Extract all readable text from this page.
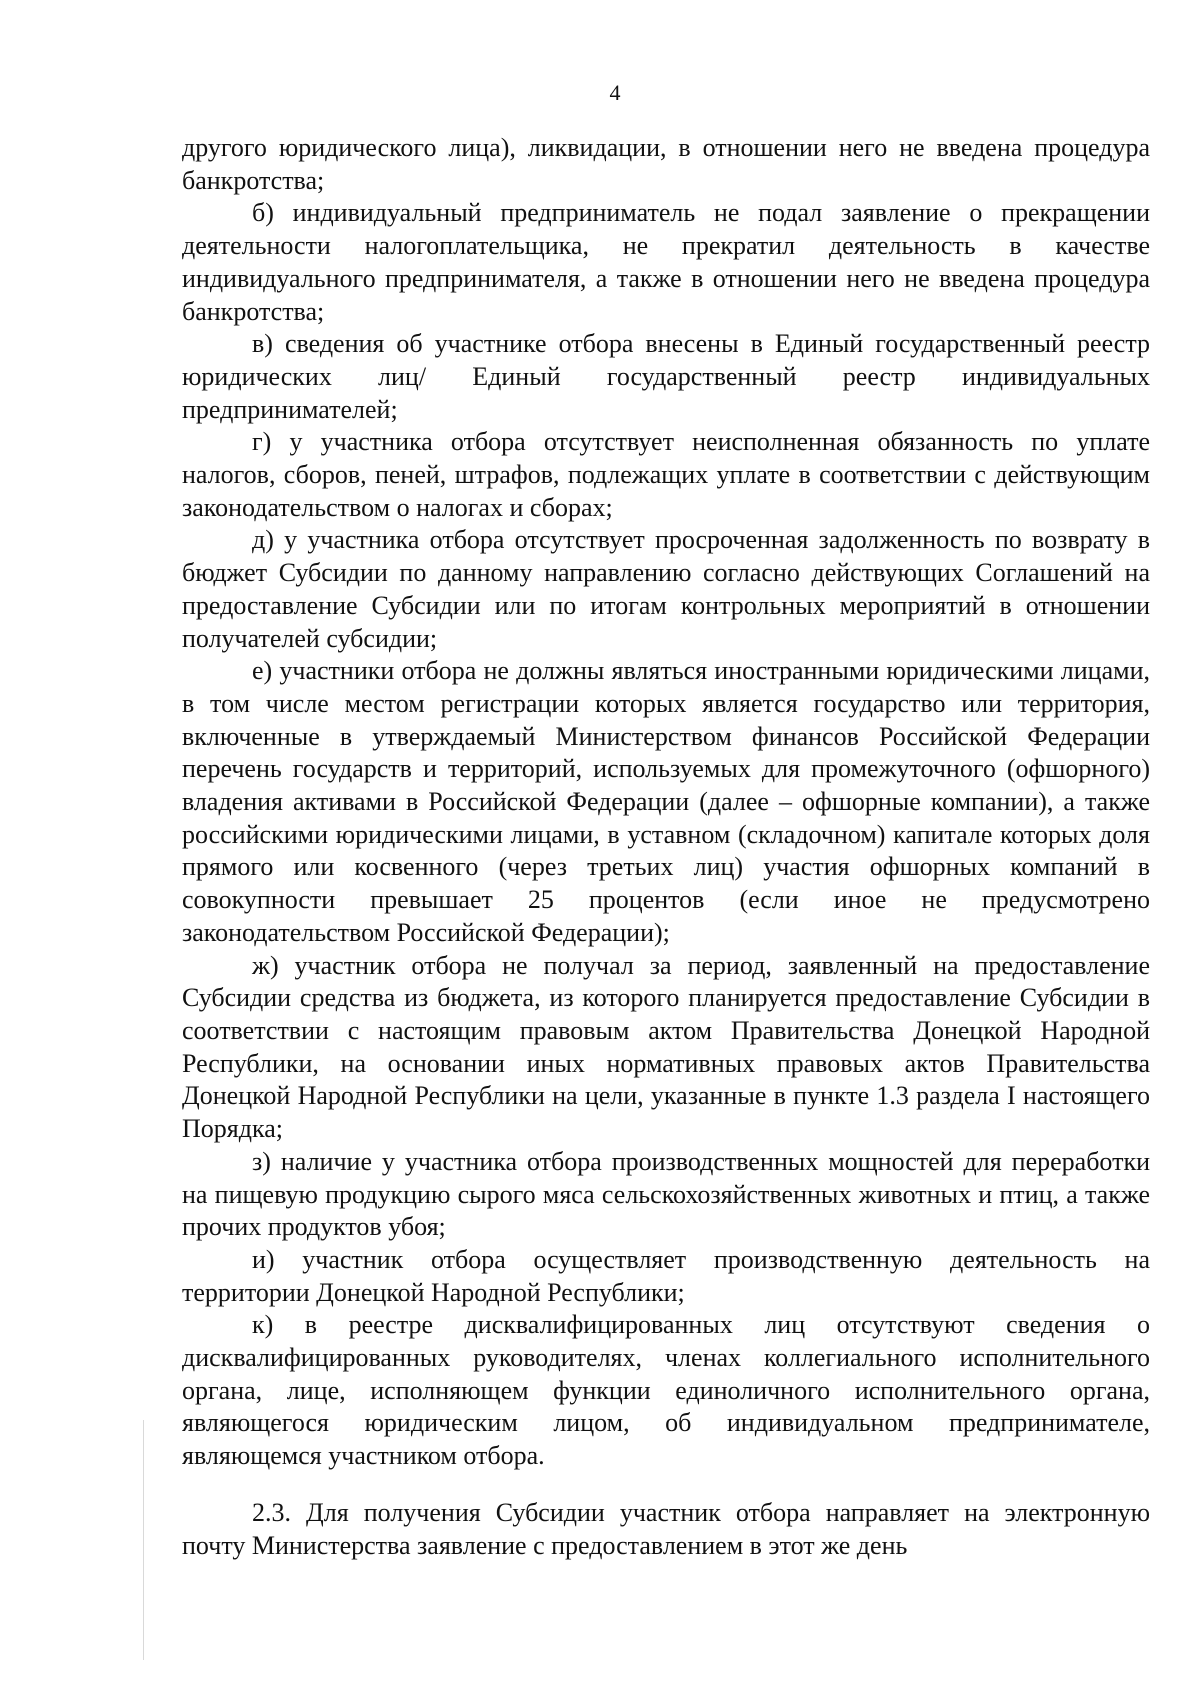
4

другого юридического лица), ликвидации, в отношении него не введена процедура банкротства;

б) индивидуальный предприниматель не подал заявление о прекращении деятельности налогоплательщика, не прекратил деятельность в качестве индивидуального предпринимателя, а также в отношении него не введена процедура банкротства;

в) сведения об участнике отбора внесены в Единый государственный реестр юридических лиц/ Единый государственный реестр индивидуальных предпринимателей;

г) у участника отбора отсутствует неисполненная обязанность по уплате налогов, сборов, пеней, штрафов, подлежащих уплате в соответствии с действующим законодательством о налогах и сборах;

д) у участника отбора отсутствует просроченная задолженность по возврату в бюджет Субсидии по данному направлению согласно действующих Соглашений на предоставление Субсидии или по итогам контрольных мероприятий в отношении получателей субсидии;

е) участники отбора не должны являться иностранными юридическими лицами, в том числе местом регистрации которых является государство или территория, включенные в утверждаемый Министерством финансов Российской Федерации перечень государств и территорий, используемых для промежуточного (офшорного) владения активами в Российской Федерации (далее – офшорные компании), а также российскими юридическими лицами, в уставном (складочном) капитале которых доля прямого или косвенного (через третьих лиц) участия офшорных компаний в совокупности превышает 25 процентов (если иное не предусмотрено законодательством Российской Федерации);

ж) участник отбора не получал за период, заявленный на предоставление Субсидии средства из бюджета, из которого планируется предоставление Субсидии в соответствии с настоящим правовым актом Правительства Донецкой Народной Республики, на основании иных нормативных правовых актов Правительства Донецкой Народной Республики на цели, указанные в пункте 1.3 раздела I настоящего Порядка;

з) наличие у участника отбора производственных мощностей для переработки на пищевую продукцию сырого мяса сельскохозяйственных животных и птиц, а также прочих продуктов убоя;

и) участник отбора осуществляет производственную деятельность на территории Донецкой Народной Республики;

к) в реестре дисквалифицированных лиц отсутствуют сведения о дисквалифицированных руководителях, членах коллегиального исполнительного органа, лице, исполняющем функции единоличного исполнительного органа, являющегося юридическим лицом, об индивидуальном предпринимателе, являющемся участником отбора.

2.3. Для получения Субсидии участник отбора направляет на электронную почту Министерства заявление с предоставлением в этот же день
